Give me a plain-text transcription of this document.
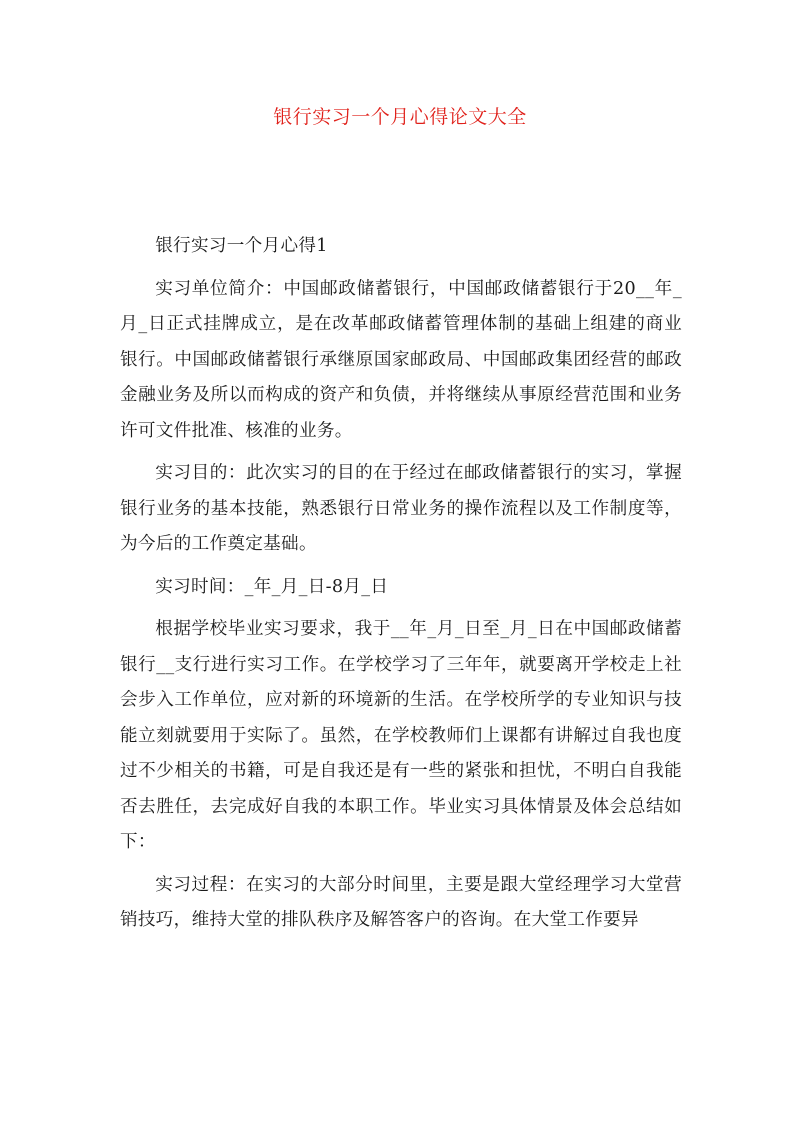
银行实习一个月心得论文大全

银行实习一个月心得1

实习单位简介：中国邮政储蓄银行，中国邮政储蓄银行于20__年_月_日正式挂牌成立，是在改革邮政储蓄管理体制的基础上组建的商业银行。中国邮政储蓄银行承继原国家邮政局、中国邮政集团经营的邮政金融业务及所以而构成的资产和负债，并将继续从事原经营范围和业务许可文件批准、核准的业务。

实习目的：此次实习的目的在于经过在邮政储蓄银行的实习，掌握银行业务的基本技能，熟悉银行日常业务的操作流程以及工作制度等，为今后的工作奠定基础。

实习时间：_年_月_日-8月_日

根据学校毕业实习要求，我于__年_月_日至_月_日在中国邮政储蓄银行__支行进行实习工作。在学校学习了三年年，就要离开学校走上社会步入工作单位，应对新的环境新的生活。在学校所学的专业知识与技能立刻就要用于实际了。虽然，在学校教师们上课都有讲解过自我也度过不少相关的书籍，可是自我还是有一些的紧张和担忧，不明白自我能否去胜任，去完成好自我的本职工作。毕业实习具体情景及体会总结如下：

实习过程：在实习的大部分时间里，主要是跟大堂经理学习大堂营销技巧，维持大堂的排队秩序及解答客户的咨询。在大堂工作要异
